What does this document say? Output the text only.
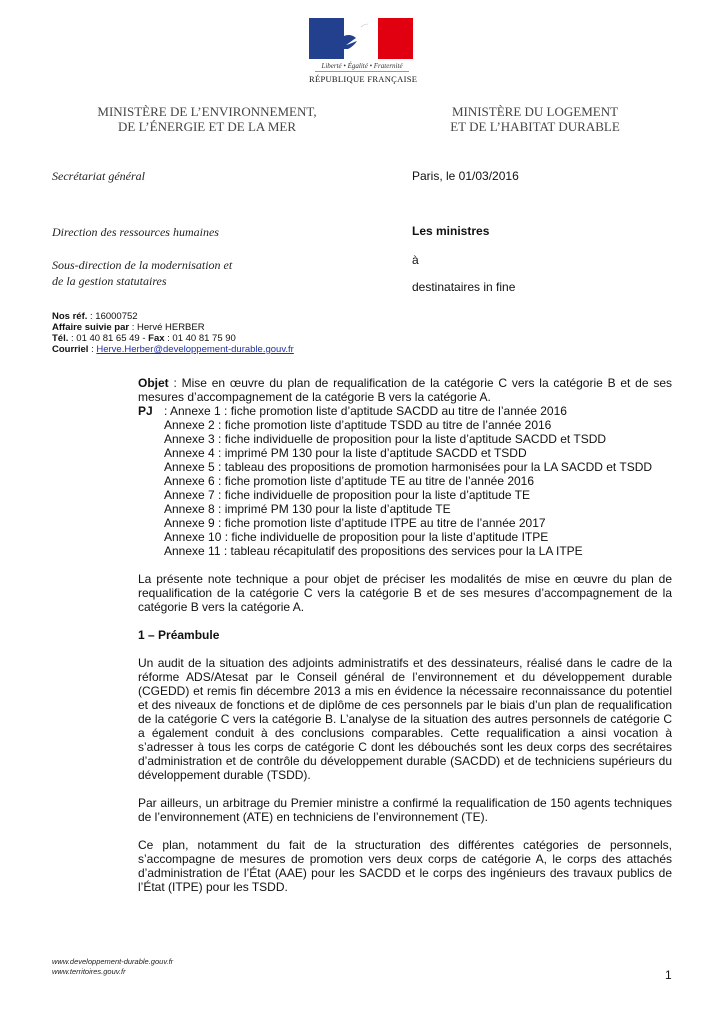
Liberté • Égalité • Fraternité
RÉPUBLIQUE FRANÇAISE
MINISTÈRE DE L’ENVIRONNEMENT,
DE L’ÉNERGIE ET DE LA MER
MINISTÈRE DU LOGEMENT
ET DE L’HABITAT DURABLE
Secrétariat général
Direction des ressources humaines
Sous-direction de la modernisation et
de la gestion statutaires
Paris, le 01/03/2016
Les ministres
à
destinataires in fine
Nos réf. : 16000752
Affaire suivie par : Hervé HERBER
Tél. : 01 40 81 65 49 - Fax : 01 40 81 75 90
Courriel : Herve.Herber@developpement-durable.gouv.fr

Objet : Mise en œuvre du plan de requalification de la catégorie C vers la catégorie B et de ses mesures d’accompagnement de la catégorie B vers la catégorie A.

PJ : Annexe 1 : fiche promotion liste d’aptitude SACDD au titre de l’année 2016
Annexe 2 : fiche promotion liste d’aptitude TSDD au titre de l’année 2016
Annexe 3 : fiche individuelle de proposition pour la liste d’aptitude SACDD et TSDD
Annexe 4 : imprimé PM 130 pour la liste d’aptitude SACDD et TSDD
Annexe 5 : tableau des propositions de promotion harmonisées pour la LA SACDD et TSDD
Annexe 6 : fiche promotion liste d’aptitude TE au titre de l’année 2016
Annexe 7 : fiche individuelle de proposition pour la liste d’aptitude TE
Annexe 8 : imprimé PM 130 pour la liste d’aptitude TE
Annexe 9 : fiche promotion liste d’aptitude ITPE au titre de l’année 2017
Annexe 10 : fiche individuelle de proposition pour la liste d’aptitude ITPE
Annexe 11 : tableau récapitulatif des propositions des services pour la LA ITPE

La présente note technique a pour objet de préciser les modalités de mise en œuvre du plan de requalification de la catégorie C vers la catégorie B et de ses mesures d’accompagnement de la catégorie B vers la catégorie A.

1 – Préambule

Un audit de la situation des adjoints administratifs et des dessinateurs, réalisé dans le cadre de la réforme ADS/Atesat par le Conseil général de l’environnement et du développement durable (CGEDD) et remis fin décembre 2013 a mis en évidence la nécessaire reconnaissance du potentiel et des niveaux de fonctions et de diplôme de ces personnels par le biais d’un plan de requalification de la catégorie C vers la catégorie B. L’analyse de la situation des autres personnels de catégorie C a également conduit à des conclusions comparables. Cette requalification a ainsi vocation à s’adresser à tous les corps de catégorie C dont les débouchés sont les deux corps des secrétaires d’administration et de contrôle du développement durable (SACDD) et de techniciens supérieurs du développement durable (TSDD).

Par ailleurs, un arbitrage du Premier ministre a confirmé la requalification de 150 agents techniques de l’environnement (ATE) en techniciens de l’environnement (TE).

Ce plan, notamment du fait de la structuration des différentes catégories de personnels, s’accompagne de mesures de promotion vers deux corps de catégorie A, le corps des attachés d’administration de l’État (AAE) pour les SACDD et le corps des ingénieurs des travaux publics de l’État (ITPE) pour les TSDD.

www.developpement-durable.gouv.fr
www.territoires.gouv.fr	1
